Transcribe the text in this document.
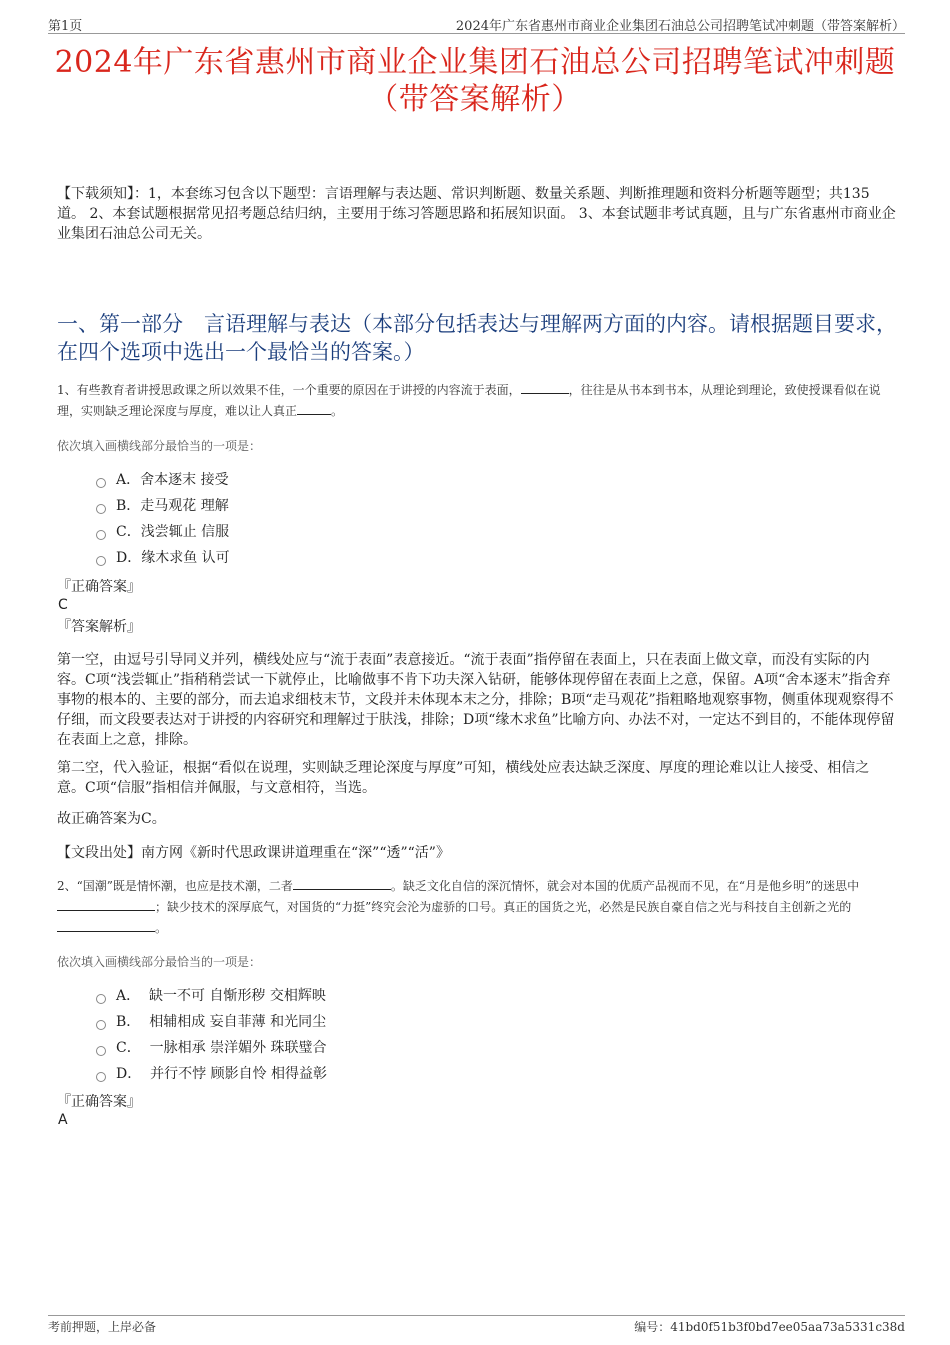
第1页	2024年广东省惠州市商业企业集团石油总公司招聘笔试冲刺题（带答案解析）
2024年广东省惠州市商业企业集团石油总公司招聘笔试冲刺题
（带答案解析）
【下载须知】：1，本套练习包含以下题型：言语理解与表达题、常识判断题、数量关系题、判断推理题和资料分析题等题型；共135道。 2、本套试题根据常见招考题总结归纳，主要用于练习答题思路和拓展知识面。 3、本套试题非考试真题，且与广东省惠州市商业企业集团石油总公司无关。
一、第一部分　言语理解与表达（本部分包括表达与理解两方面的内容。请根据题目要求，在四个选项中选出一个最恰当的答案。）
1、有些教育者讲授思政课之所以效果不佳，一个重要的原因在于讲授的内容流于表面，	，往往是从书本到书本，从理论到理论，致使授课看似在说理，实则缺乏理论深度与厚度，难以让人真正	。
依次填入画横线部分最恰当的一项是：
A．舍本逐末 接受
B．走马观花 理解
C．浅尝辄止 信服
D．缘木求鱼 认可
『正确答案』
C
『答案解析』
第一空，由逗号引导同义并列，横线处应与“流于表面”表意接近。“流于表面”指停留在表面上，只在表面上做文章，而没有实际的内容。C项“浅尝辄止”指稍稍尝试一下就停止，比喻做事不肯下功夫深入钻研，能够体现停留在表面上之意，保留。A项“舍本逐末”指舍弃事物的根本的、主要的部分，而去追求细枝末节，文段并未体现本末之分，排除；B项“走马观花”指粗略地观察事物，侧重体现观察得不仔细，而文段要表达对于讲授的内容研究和理解过于肤浅，排除；D项“缘木求鱼”比喻方向、办法不对，一定达不到目的，不能体现停留在表面上之意，排除。
第二空，代入验证，根据“看似在说理，实则缺乏理论深度与厚度”可知，横线处应表达缺乏深度、厚度的理论难以让人接受、相信之意。C项“信服”指相信并佩服，与文意相符，当选。
故正确答案为C。
【文段出处】南方网《新时代思政课讲道理重在“深”“透”“活”》
2、“国潮”既是情怀潮，也应是技术潮，二者	。缺乏文化自信的深沉情怀，就会对本国的优质产品视而不见，在“月是他乡明”的迷思中；缺少技术的深厚底气，对国货的“力挺”终究会沦为虚骄的口号。真正的国货之光，必然是民族自豪自信之光与科技自主创新之光的。
依次填入画横线部分最恰当的一项是：
A． 缺一不可 自惭形秽 交相辉映
B． 相辅相成 妄自菲薄 和光同尘
C． 一脉相承 崇洋媚外 珠联璧合
D． 并行不悖 顾影自怜 相得益彰
『正确答案』
A
考前押题，上岸必备	编号：41bd0f51b3f0bd7ee05aa73a5331c38d
